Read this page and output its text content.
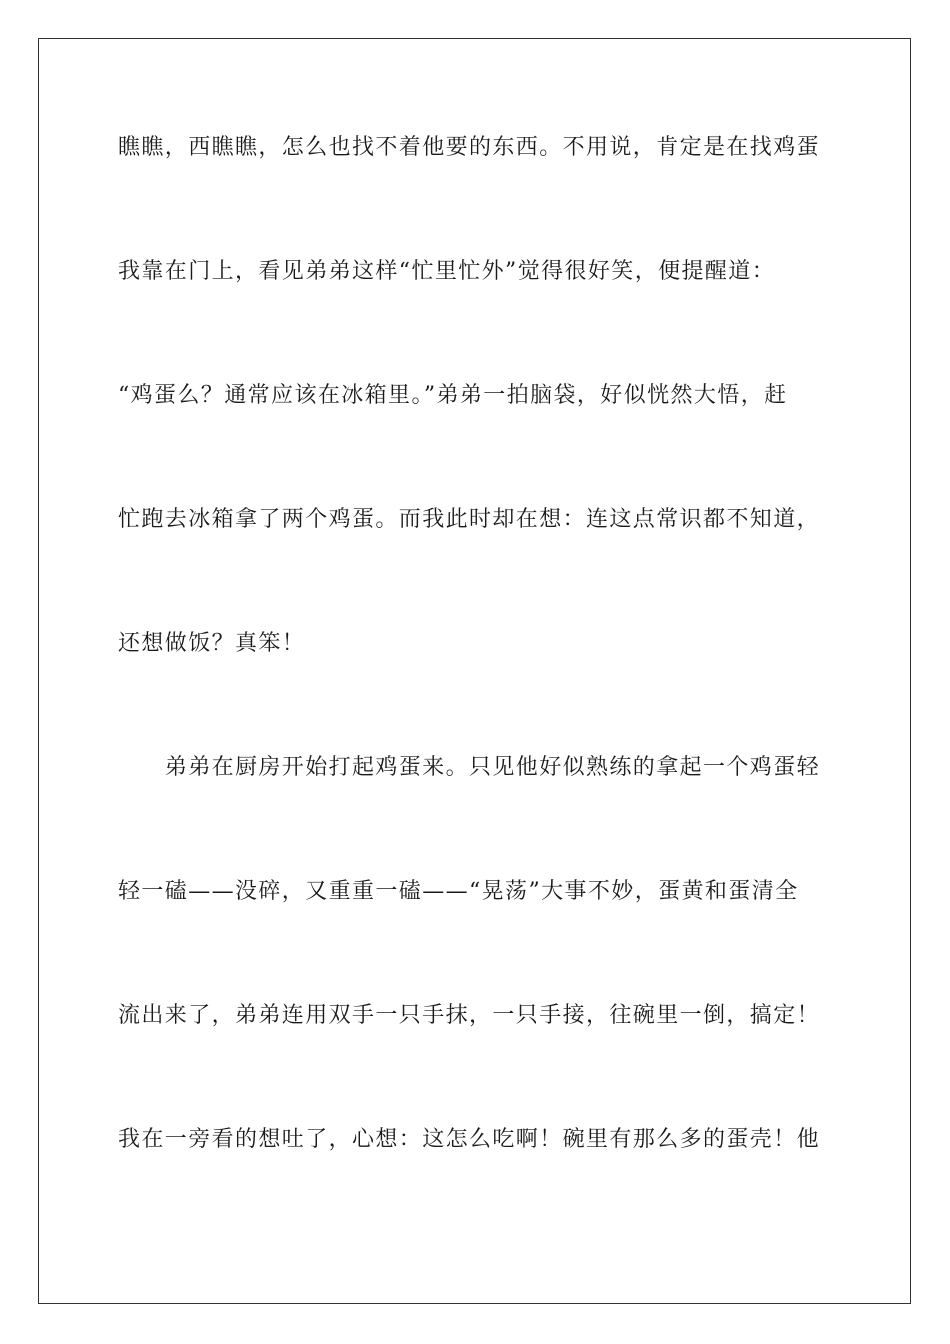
瞧瞧，西瞧瞧，怎么也找不着他要的东西。不用说，肯定是在找鸡蛋
我靠在门上，看见弟弟这样“忙里忙外”觉得很好笑，便提醒道：
“鸡蛋么？通常应该在冰箱里。”弟弟一拍脑袋，好似恍然大悟，赶
忙跑去冰箱拿了两个鸡蛋。而我此时却在想：连这点常识都不知道，
还想做饭？真笨！
　　弟弟在厨房开始打起鸡蛋来。只见他好似熟练的拿起一个鸡蛋轻
轻一磕——没碎，又重重一磕——“晃荡”大事不妙，蛋黄和蛋清全
流出来了，弟弟连用双手一只手抹，一只手接，往碗里一倒，搞定！
我在一旁看的想吐了，心想：这怎么吃啊！碗里有那么多的蛋壳！他
